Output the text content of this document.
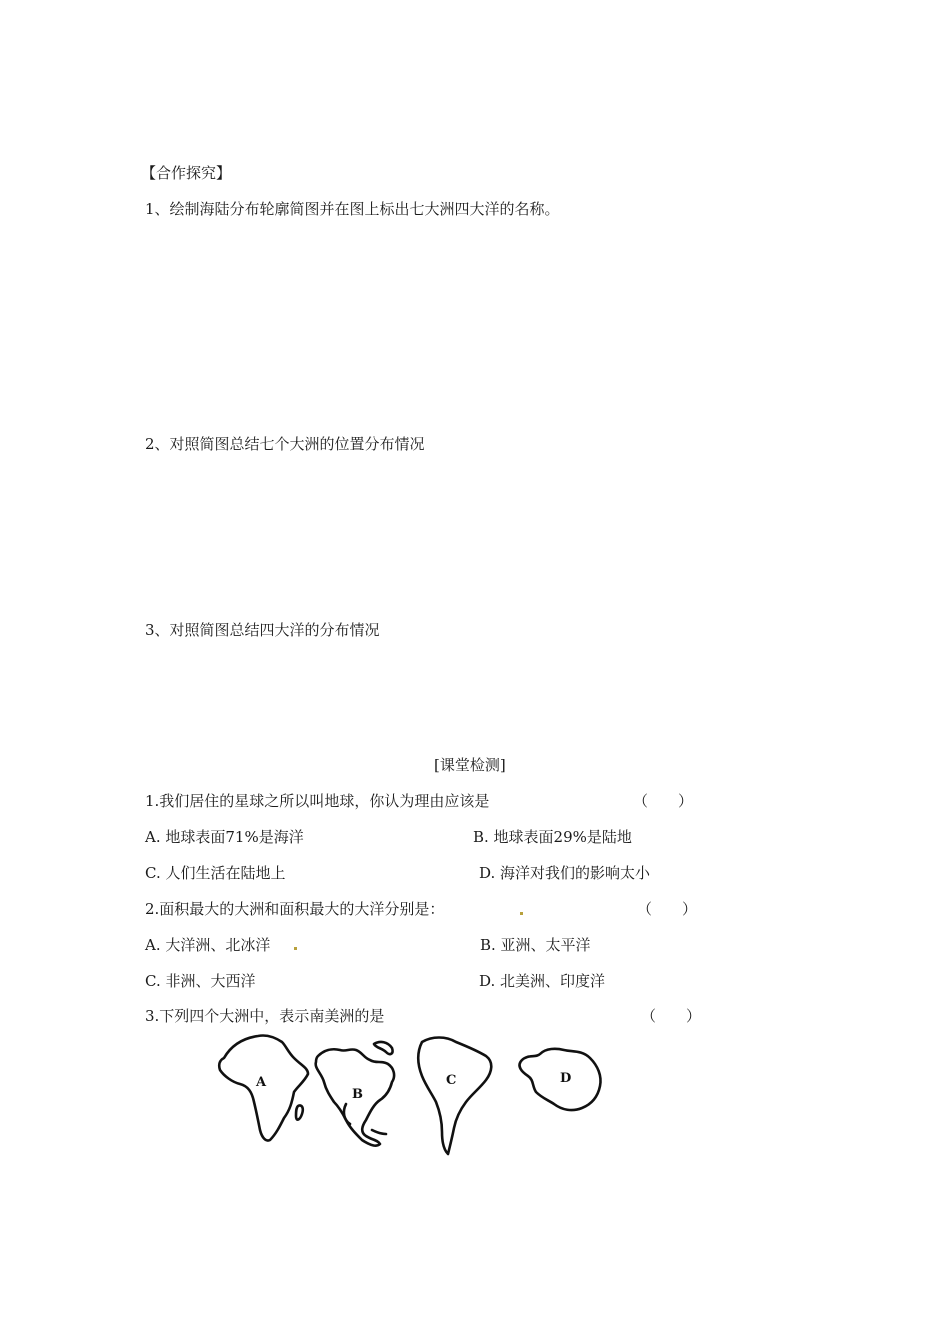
【合作探究】
1、绘制海陆分布轮廓简图并在图上标出七大洲四大洋的名称。
2、对照简图总结七个大洲的位置分布情况
3、对照简图总结四大洋的分布情况
[课堂检测]
1.我们居住的星球之所以叫地球，你认为理由应该是	（　　）
A. 地球表面71%是海洋	B. 地球表面29%是陆地
C. 人们生活在陆地上	D. 海洋对我们的影响太小
2.面积最大的大洲和面积最大的大洋分别是：	（　　）
A. 大洋洲、北冰洋	B. 亚洲、太平洋
C. 非洲、大西洋	D. 北美洲、印度洋
3.下列四个大洲中，表示南美洲的是	（　　）
A
B
C	D
